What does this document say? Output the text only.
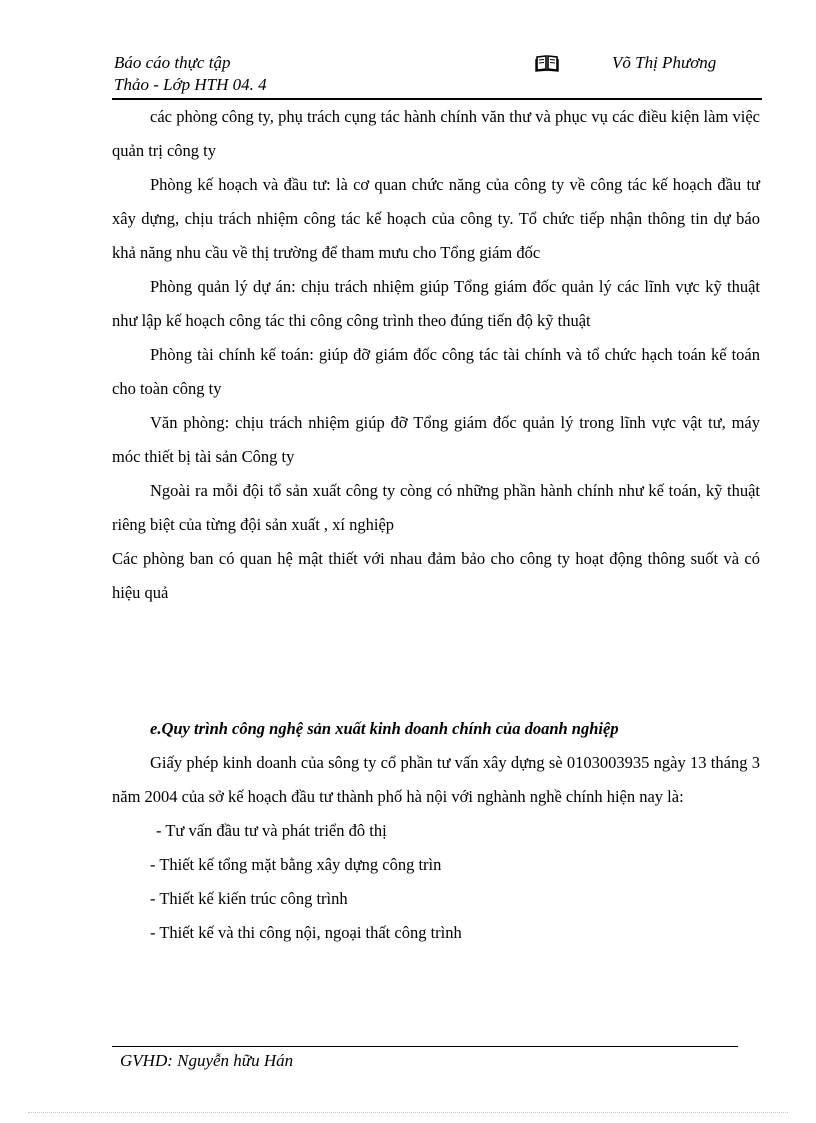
Báo cáo thực tập
Thảo - Lớp HTH 04. 4
Võ Thị Phương

các phòng công ty, phụ trách cụng tác hành chính văn thư và phục vụ các điều kiện làm việc quản trị công ty

Phòng kế hoạch và đầu tư: là cơ quan chức năng của công ty về công tác kế hoạch đầu tư xây dựng, chịu trách nhiệm công tác kế hoạch của công ty. Tổ chức tiếp nhận thông tin dự báo khả năng nhu cầu về thị trường để tham mưu cho Tổng giám đốc

Phòng quản lý dự án: chịu trách nhiệm giúp Tổng giám đốc quản lý các lĩnh vực kỹ thuật như lập kế hoạch công tác thi công công trình theo đúng tiến độ kỹ thuật

Phòng tài chính kế toán: giúp đỡ giám đốc công tác tài chính và tổ chức hạch toán kế toán cho toàn công ty

Văn phòng: chịu trách nhiệm giúp đỡ Tổng giám đốc quản lý trong lĩnh vực vật tư, máy móc thiết bị tài sản Công ty

Ngoài ra mỗi đội tổ sản xuất công ty còng có những phần hành chính như kế toán, kỹ thuật riêng biệt của từng đội sản xuất , xí nghiệp

Các phòng ban có quan hệ mật thiết với nhau đảm bảo cho công ty hoạt động thông suốt và có hiệu quả

e.Quy trình công nghệ sản xuất kinh doanh chính của doanh nghiệp

Giấy phép kinh doanh của sông ty cổ phần tư vấn xây dựng sè 0103003935 ngày 13 tháng 3 năm 2004 của sở kế hoạch đầu tư thành phố hà nội với nghành nghề chính hiện nay là:

- Tư vấn đầu tư và phát triển đô thị

- Thiết kế tổng mặt bằng xây dựng công trìn

- Thiết kế kiến trúc công trình

- Thiết kế và thi công nội, ngoại thất công trình

GVHD: Nguyễn hữu Hán
